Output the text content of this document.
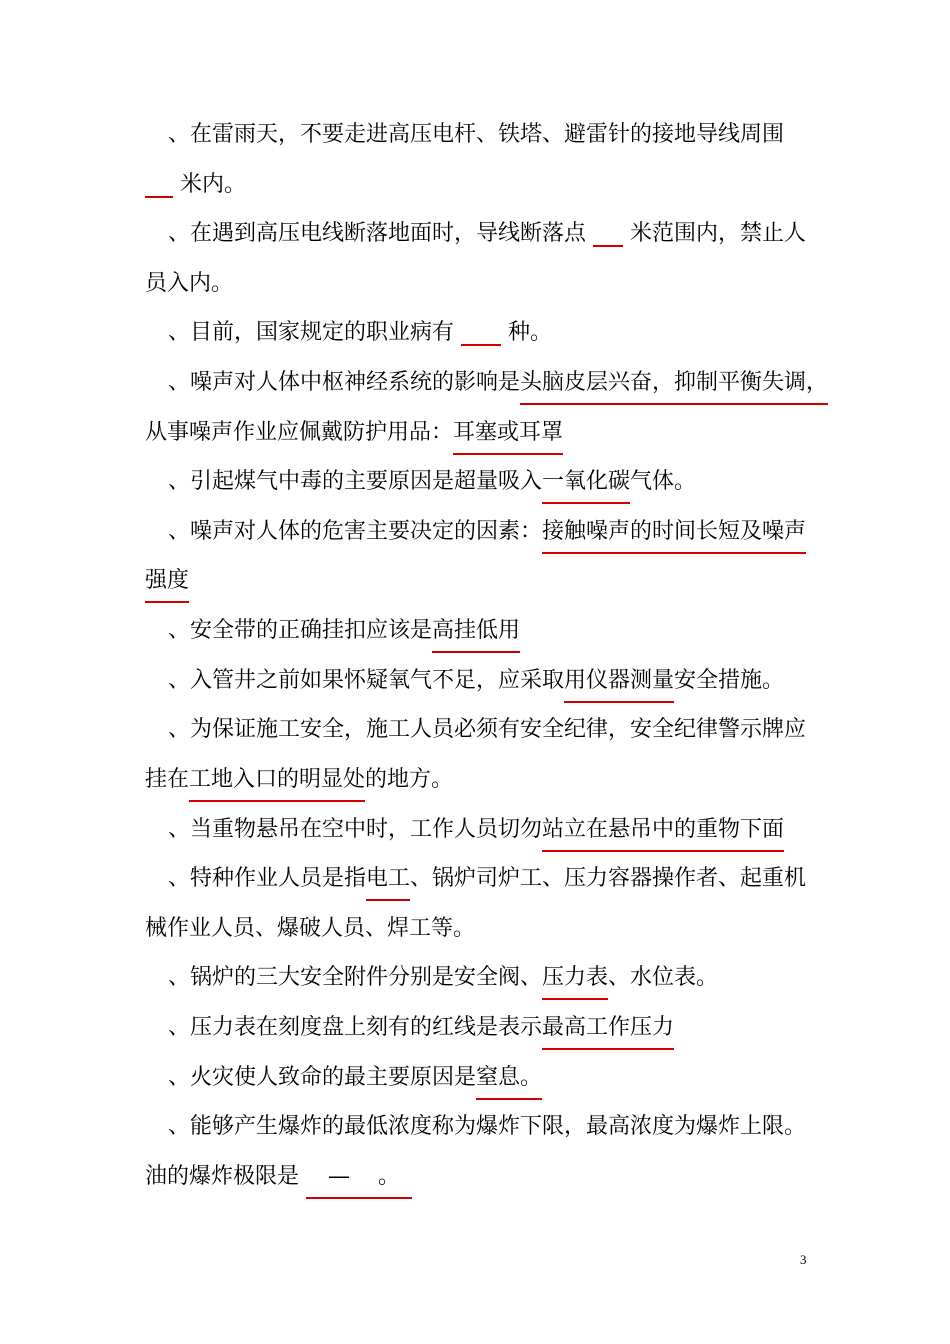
、在雷雨天，不要走进高压电杆、铁塔、避雷针的接地导线周围
米内。
、在遇到高压电线断落地面时，导线断落点 米范围内，禁止人
员入内。
、目前，国家规定的职业病有 种。
、噪声对人体中枢神经系统的影响是头脑皮层兴奋，抑制平衡失调，
从事噪声作业应佩戴防护用品：耳塞或耳罩
、引起煤气中毒的主要原因是超量吸入一氧化碳气体。
、噪声对人体的危害主要决定的因素：接触噪声的时间长短及噪声
强度
、安全带的正确挂扣应该是高挂低用
、入管井之前如果怀疑氧气不足，应采取用仪器测量安全措施。
、为保证施工安全，施工人员必须有安全纪律，安全纪律警示牌应
挂在工地入口的明显处的地方。
、当重物悬吊在空中时，工作人员切勿站立在悬吊中的重物下面
、特种作业人员是指电工、锅炉司炉工、压力容器操作者、起重机
械作业人员、爆破人员、焊工等。
、锅炉的三大安全附件分别是安全阀、压力表、水位表。
、压力表在刻度盘上刻有的红线是表示最高工作压力
、火灾使人致命的最主要原因是窒息。
、能够产生爆炸的最低浓度称为爆炸下限，最高浓度为爆炸上限。
油的爆炸极限是 —    。
3
